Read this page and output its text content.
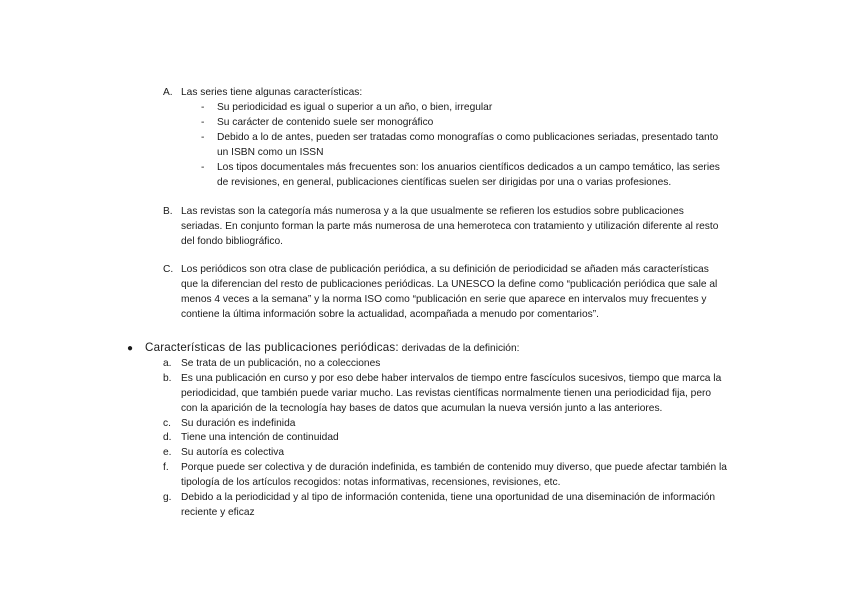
A. Las series tiene algunas características:
- Su periodicidad es igual o superior a un año, o bien, irregular
- Su carácter de contenido suele ser monográfico
- Debido a lo de antes, pueden ser tratadas como monografías o como publicaciones seriadas, presentado tanto
un ISBN como un ISSN
- Los tipos documentales más frecuentes son: los anuarios científicos dedicados a un campo temático, las series
de revisiones, en general, publicaciones científicas suelen ser dirigidas por una o varias profesiones.
B. Las revistas son la categoría más numerosa y a la que usualmente se refieren los estudios sobre publicaciones
seriadas. En conjunto forman la parte más numerosa de una hemeroteca con tratamiento y utilización diferente al resto
del fondo bibliográfico.
C. Los periódicos son otra clase de publicación periódica, a su definición de periodicidad se añaden más características
que la diferencian del resto de publicaciones periódicas. La UNESCO la define como “publicación periódica que sale al
menos 4 veces a la semana” y la norma ISO como “publicación en serie que aparece en intervalos muy frecuentes y
contiene la última información sobre la actualidad, acompañada a menudo por comentarios”.
● Características de las publicaciones periódicas: derivadas de la definición:
a. Se trata de un publicación, no a colecciones
b. Es una publicación en curso y por eso debe haber intervalos de tiempo entre fascículos sucesivos, tiempo que marca la
periodicidad, que también puede variar mucho. Las revistas científicas normalmente tienen una periodicidad fija, pero
con la aparición de la tecnología hay bases de datos que acumulan la nueva versión junto a las anteriores.
c. Su duración es indefinida
d. Tiene una intención de continuidad
e. Su autoría es colectiva
f. Porque puede ser colectiva y de duración indefinida, es también de contenido muy diverso, que puede afectar también la
tipología de los artículos recogidos: notas informativas, recensiones, revisiones, etc.
g. Debido a la periodicidad y al tipo de información contenida, tiene una oportunidad de una diseminación de información
reciente y eficaz
